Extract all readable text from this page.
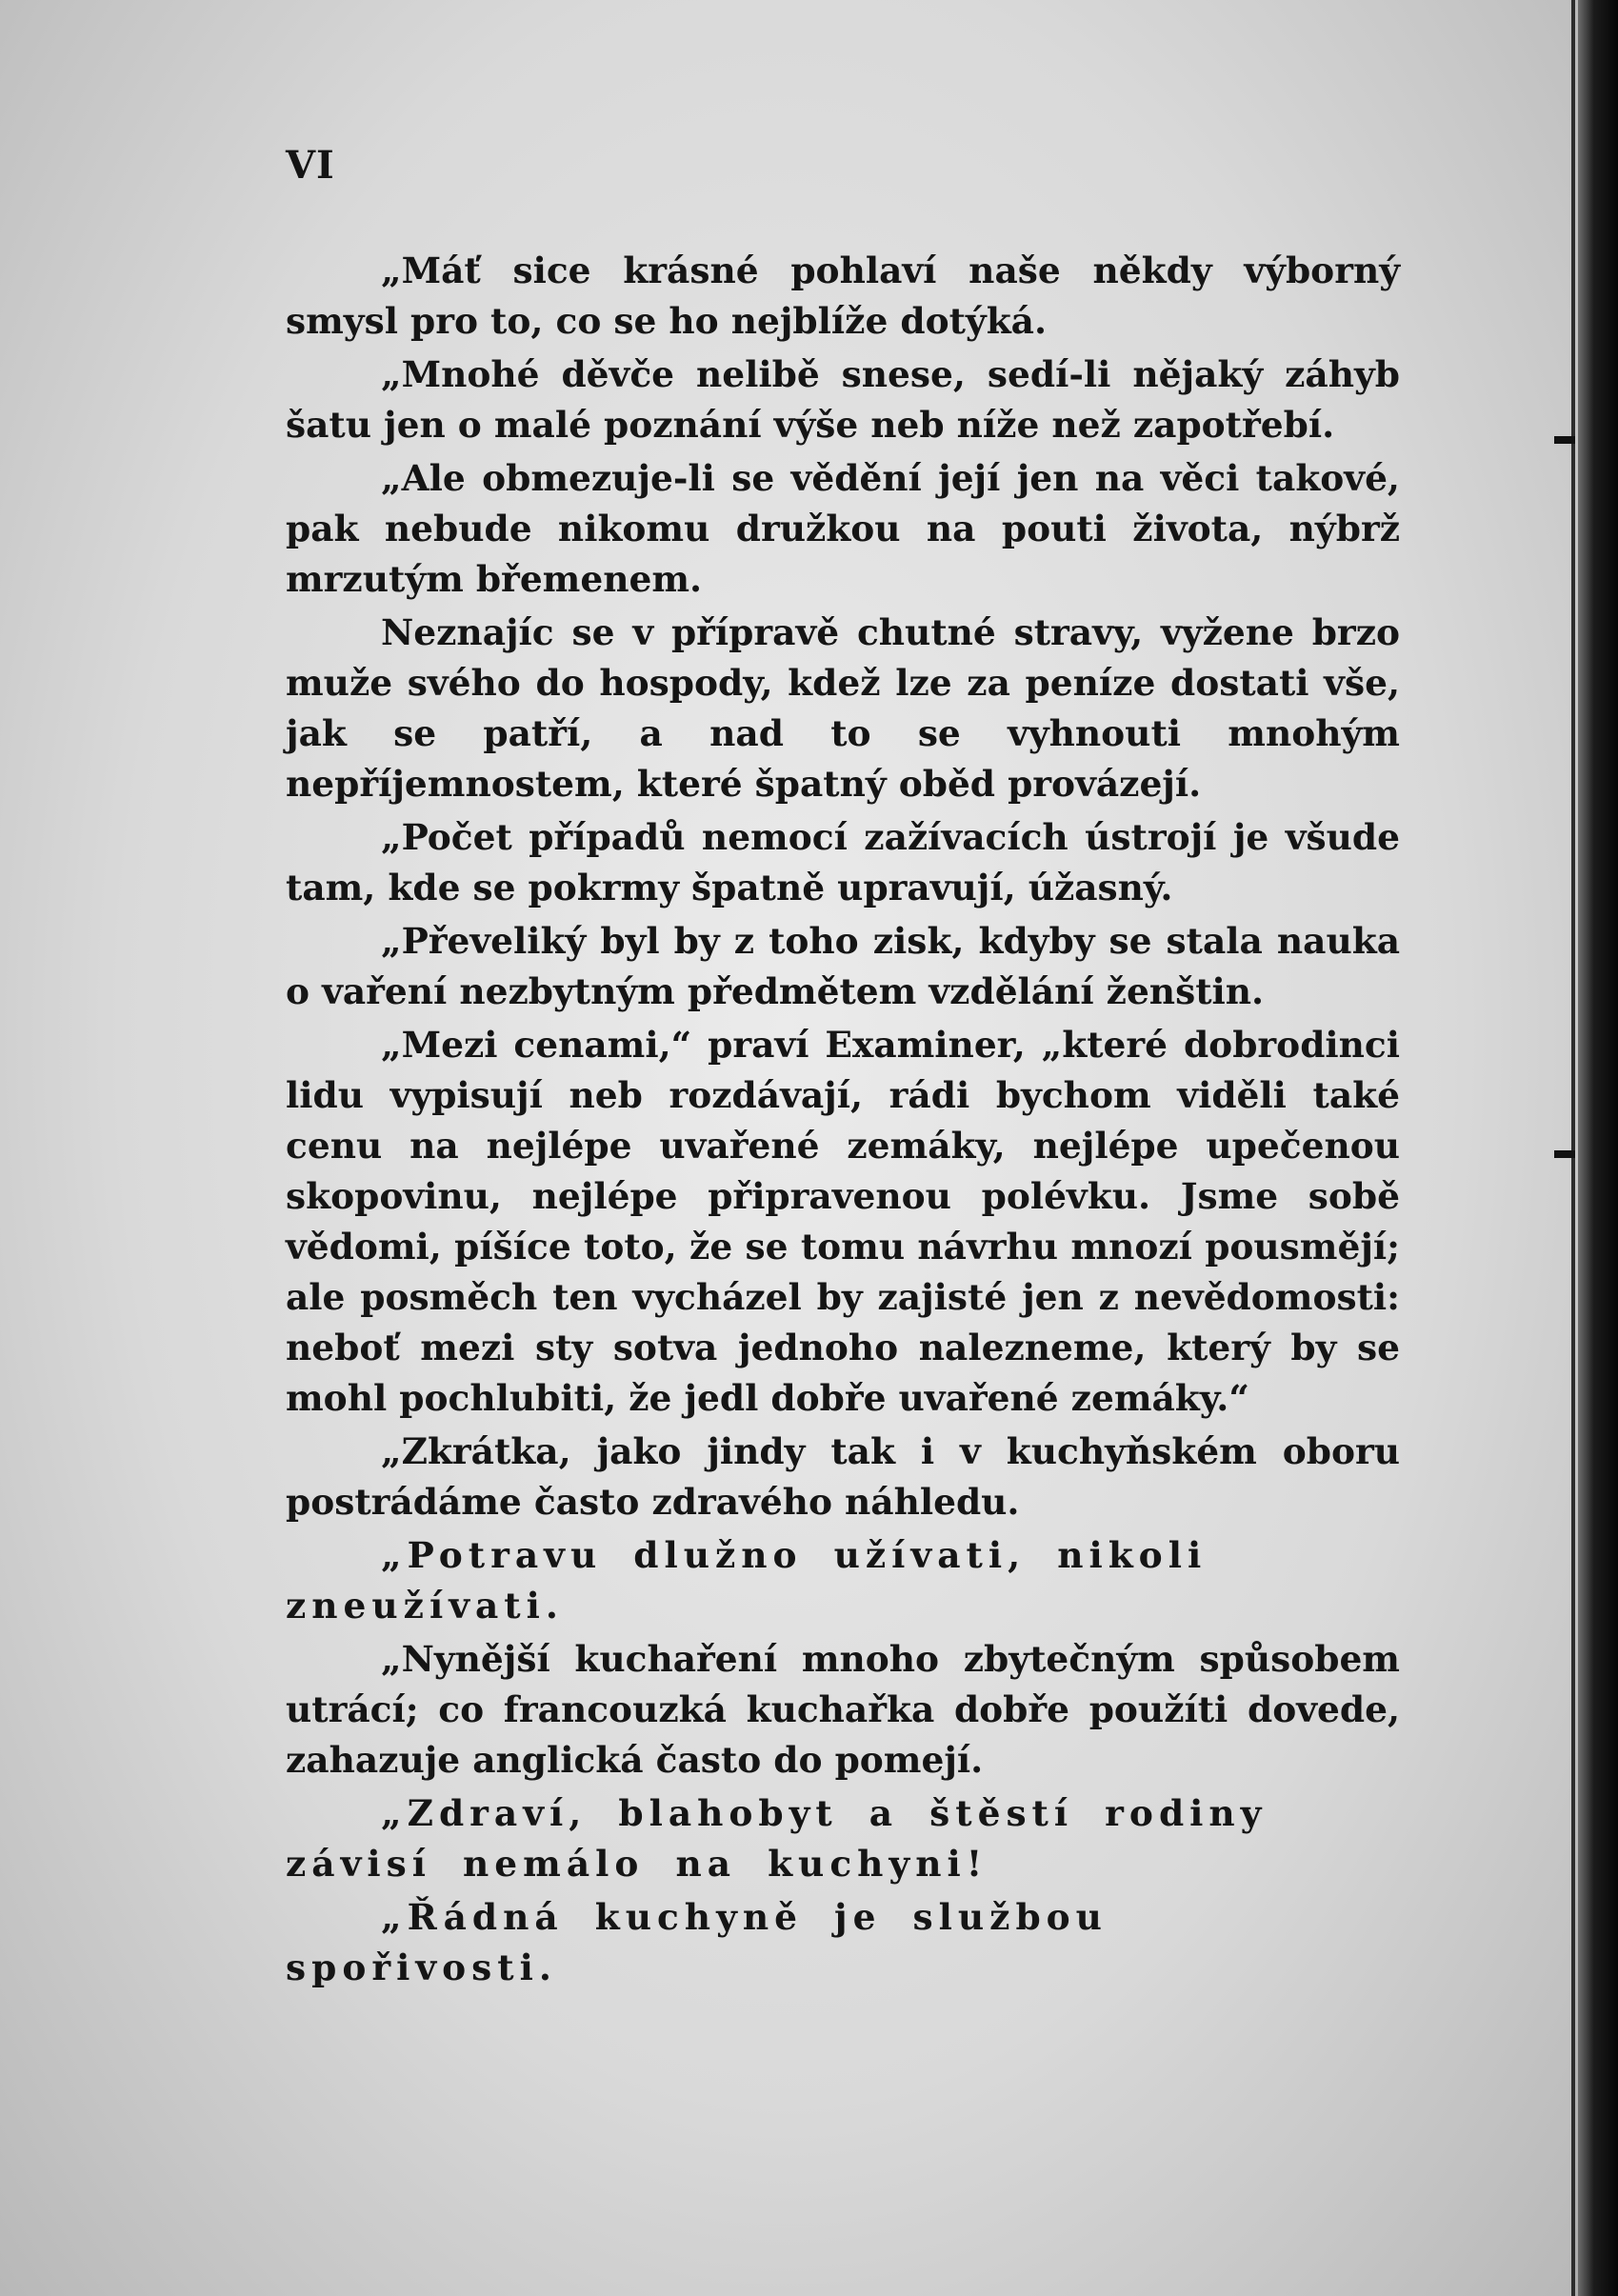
VI

„Máť sice krásné pohlaví naše někdy výborný smysl pro to, co se ho nejblíže dotýká.

„Mnohé děvče nelibě snese, sedí-li nějaký záhyb šatu jen o malé poznání výše neb níže než zapotřebí.

„Ale obmezuje-li se vědění její jen na věci takové, pak nebude nikomu družkou na pouti života, nýbrž mrzutým břemenem.

Neznajíc se v přípravě chutné stravy, vyžene brzo muže svého do hospody, kdež lze za peníze dostati vše, jak se patří, a nad to se vyhnouti mnohým nepříjemnostem, které špatný oběd provázejí.

„Počet případů nemocí zažívacích ústrojí je všude tam, kde se pokrmy špatně upravují, úžasný.

„Převeliký byl by z toho zisk, kdyby se stala nauka o vaření nezbytným předmětem vzdělání ženštin.

„Mezi cenami,“ praví Examiner, „které dobrodinci lidu vypisují neb rozdávají, rádi bychom viděli také cenu na nejlépe uvařené zemáky, nejlépe upečenou skopovinu, nejlépe připravenou polévku. Jsme sobě vědomi, píšíce toto, že se tomu návrhu mnozí pousmějí; ale posměch ten vycházel by zajisté jen z nevědomosti: neboť mezi sty sotva jednoho nalezneme, který by se mohl pochlubiti, že jedl dobře uvařené zemáky.“

„Zkrátka, jako jindy tak i v kuchyňském oboru postrádáme často zdravého náhledu.

„Potravu dlužno užívati, nikoli zneužívati.

„Nynější kuchaření mnoho zbytečným spůsobem utrácí; co francouzká kuchařka dobře použíti dovede, zahazuje anglická často do pomejí.

„Zdraví, blahobyt a štěstí rodiny závisí nemálo na kuchyni!

„Řádná kuchyně je službou spořivosti.
